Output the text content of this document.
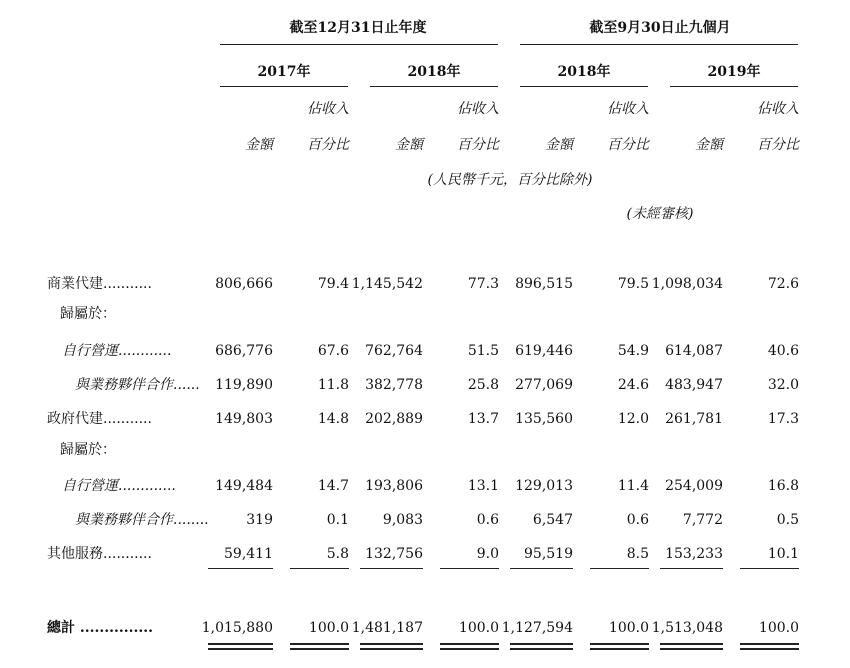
截至12月31日止年度	截至9月30日止九個月
2017年	2018年	2018年	2019年
佔收入	佔收入	佔收入	佔收入
金額 百分比	金額 百分比	金額 百分比	金額 百分比
(人民幣千元，百分比除外)
(未經審核)
商業代建...........	806,666	79.4 1,145,542	77.3 896,515	79.5 1,098,034	72.6
歸屬於：
自行營運............	686,776	67.6 762,764	51.5 619,446	54.9 614,087	40.6
與業務夥伴合作...... 119,890	11.8 382,778	25.8 277,069	24.6 483,947	32.0
政府代建...........	149,803	14.8 202,889	13.7 135,560	12.0 261,781	17.3
歸屬於：
自行營運.............	149,484	14.7 193,806	13.1 129,013	11.4 254,009	16.8
與業務夥伴合作........	319	0.1 9,083	0.6 6,547	0.6 7,772	0.5
其他服務...........	59,411	5.8 132,756	9.0 95,519	8.5 153,233	10.1
總計 ...............	1,015,880	100.0 1,481,187	100.0 1,127,594	100.0 1,513,048	100.0
